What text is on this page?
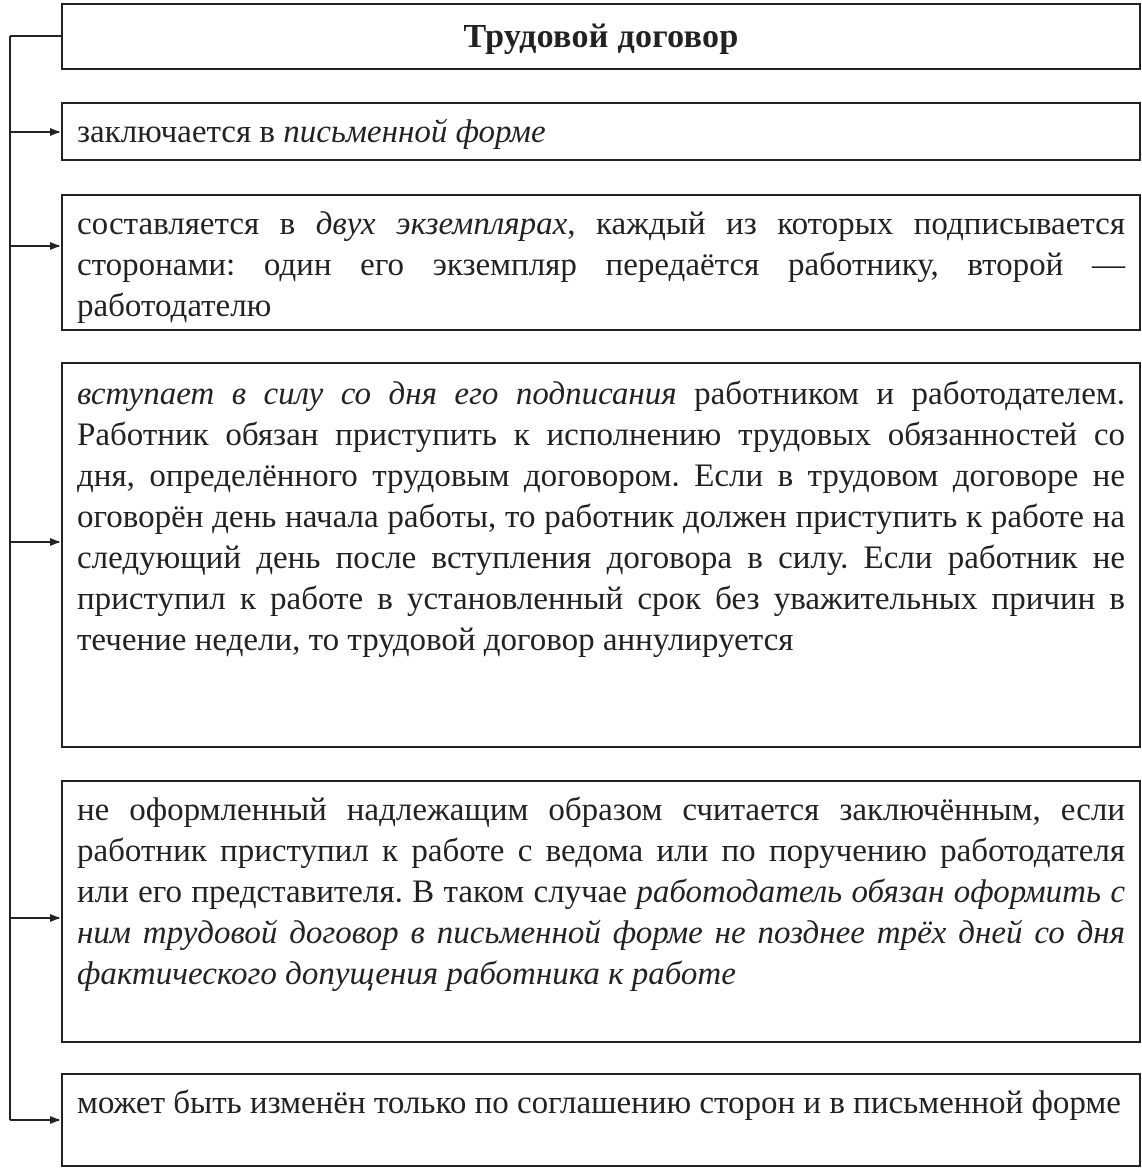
Трудовой договор
заключается в письменной форме
составляется в двух экземплярах, каждый из которых подписывается сторонами: один его экземпляр передаётся работнику, второй — работодателю
вступает в силу со дня его подписания работником и работодателем. Работник обязан приступить к исполнению трудовых обязанностей со дня, определённого трудовым договором. Если в трудовом договоре не оговорён день начала работы, то работник должен приступить к работе на следующий день после вступления договора в силу. Если работник не приступил к работе в установленный срок без уважительных причин в течение недели, то трудовой договор аннулируется
не оформленный надлежащим образом считается заключённым, если работник приступил к работе с ведома или по поручению работодателя или его представителя. В таком случае работодатель обязан оформить с ним трудовой договор в письменной форме не позднее трёх дней со дня фактического допущения работника к работе
может быть изменён только по соглашению сторон и в письменной форме
